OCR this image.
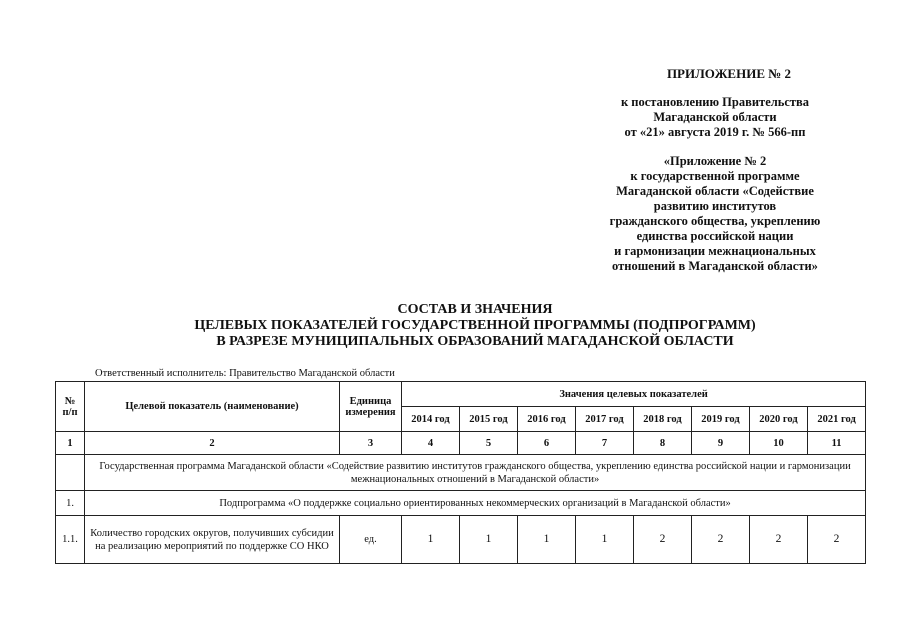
ПРИЛОЖЕНИЕ № 2
к постановлению Правительства
Магаданской области
от «21» августа 2019 г. № 566-пп
«Приложение № 2
к государственной программе
Магаданской области «Содействие
развитию институтов
гражданского общества, укреплению
единства российской нации
и гармонизации межнациональных
отношений в Магаданской области»
СОСТАВ И ЗНАЧЕНИЯ
ЦЕЛЕВЫХ ПОКАЗАТЕЛЕЙ ГОСУДАРСТВЕННОЙ ПРОГРАММЫ (ПОДПРОГРАММ)
В РАЗРЕЗЕ МУНИЦИПАЛЬНЫХ ОБРАЗОВАНИЙ МАГАДАНСКОЙ ОБЛАСТИ
Ответственный исполнитель: Правительство Магаданской области
№ п/п	Целевой показатель (наименование)	Единица измерения	Значения целевых показателей							
			2014 год	2015 год	2016 год	2017 год	2018 год	2019 год	2020 год	2021 год
1	2	3	4	5	6	7	8	9	10	11
	Государственная программа Магаданской области «Содействие развитию институтов гражданского общества, укреплению единства российской нации и гармонизации межнациональных отношений в Магаданской области»									
1.	Подпрограмма «О поддержке социально ориентированных некоммерческих организаций в Магаданской области»									
1.1.	Количество городских округов, получивших субсидии на реализацию мероприятий по поддержке СО НКО	ед.	1	1	1	1	2	2	2	2
